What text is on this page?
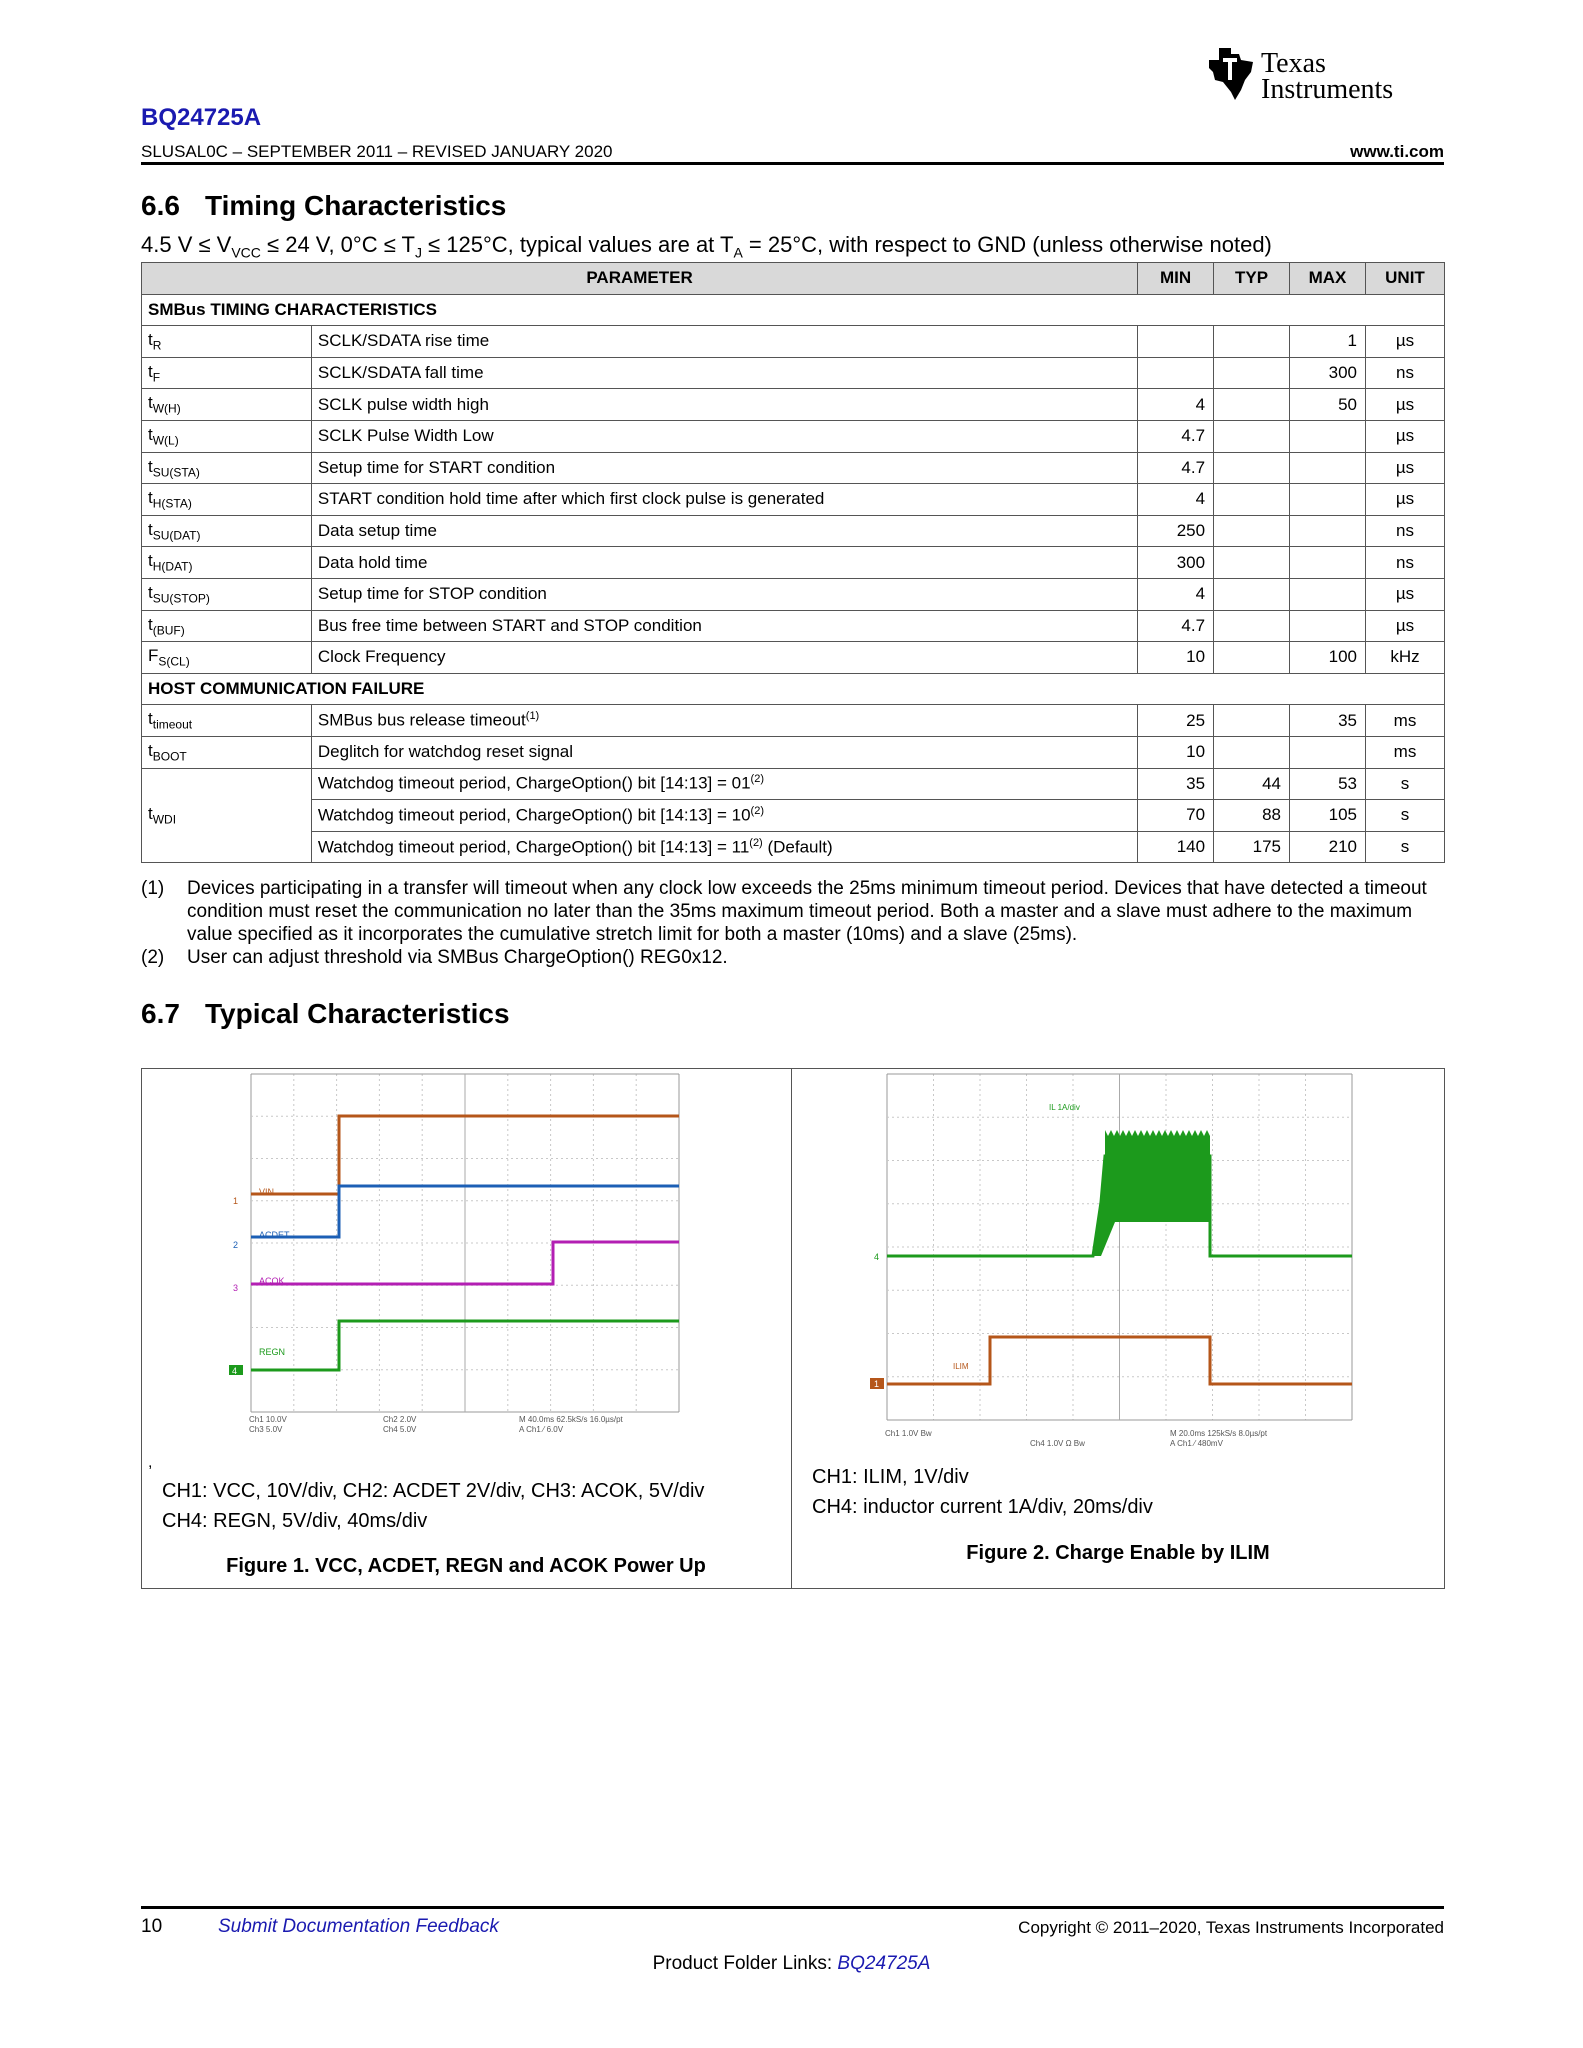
Texas
Instruments
BQ24725A
SLUSAL0C – SEPTEMBER 2011 – REVISED JANUARY 2020	www.ti.com
6.6 Timing Characteristics
4.5 $V \le V_{VCC} \le 24$ V, $0^\circ C \le T_J \le 125^\circ C$, typical values are at $T_A = 25^\circ C$, with respect to GND (unless otherwise noted)
PARAMETER		MIN	TYP	MAX	UNIT
SMBus TIMING CHARACTERISTICS					
$t_R$	SCLK/SDATA rise time			1	µs
$t_F$	SCLK/SDATA fall time			300	ns
$t_{W(H)}$	SCLK pulse width high	4		50	µs
$t_{W(L)}$	SCLK Pulse Width Low	4.7			µs
$t_{SU(STA)}$	Setup time for START condition	4.7			µs
$t_{H(STA)}$	START condition hold time after which first clock pulse is generated	4			µs
$t_{SU(DAT)}$	Data setup time	250			ns
$t_{H(DAT)}$	Data hold time	300			ns
$t_{SU(STOP)}$	Setup time for STOP condition	4			µs
$t_{(BUF)}$	Bus free time between START and STOP condition	4.7			µs
$F_{S(CL)}$	Clock Frequency	10		100	kHz
HOST COMMUNICATION FAILURE					
$t_{timeout}$	SMBus bus release timeout$^{(1)}$	25		35	ms
$t_{BOOT}$	Deglitch for watchdog reset signal	10			ms
$t_{WDI}$	Watchdog timeout period, ChargeOption() bit [14:13] = $01^{(2)}$	35	44	53	s
	Watchdog timeout period, ChargeOption() bit [14:13] = $10^{(2)}$	70	88	105	s
	Watchdog timeout period, ChargeOption() bit [14:13] = $11^{(2)}$ (Default)	140	175	210	s
(1)	Devices participating in a transfer will timeout when any clock low exceeds the 25ms minimum timeout period. Devices that have detected a timeout condition must reset the communication no later than the 35ms maximum timeout period. Both a master and a slave must adhere to the maximum value specified as it incorporates the cumulative stretch limit for both a master (10ms) and a slave (25ms).
(2)	User can adjust threshold via SMBus ChargeOption() REG0x12.
6.7 Typical Characteristics
VIN
ACDET
ACOK
REGN
1
2
3
4
Ch1 10.0V
Ch3 5.0V
Ch2 2.0V
Ch4 5.0V
M 40.0ms 62.5kS/s 16.0µs/pt
A Ch1 ⁄ 6.0V
,
CH1: VCC, 10V/div, CH2: ACDET 2V/div, CH3: ACOK, 5V/div
CH4: REGN, 5V/div, 40ms/div
Figure 1. VCC, ACDET, REGN and ACOK Power Up
IL 1A/div
ILIM
4
1
Ch1 1.0V Bw
Ch4 1.0V Ω Bw
M 20.0ms 125kS/s 8.0µs/pt
A Ch1 ⁄ 480mV
CH1: ILIM, 1V/div
CH4: inductor current 1A/div, 20ms/div
Figure 2. Charge Enable by ILIM
10	Submit Documentation Feedback	Copyright © 2011–2020, Texas Instruments Incorporated
Product Folder Links: BQ24725A
